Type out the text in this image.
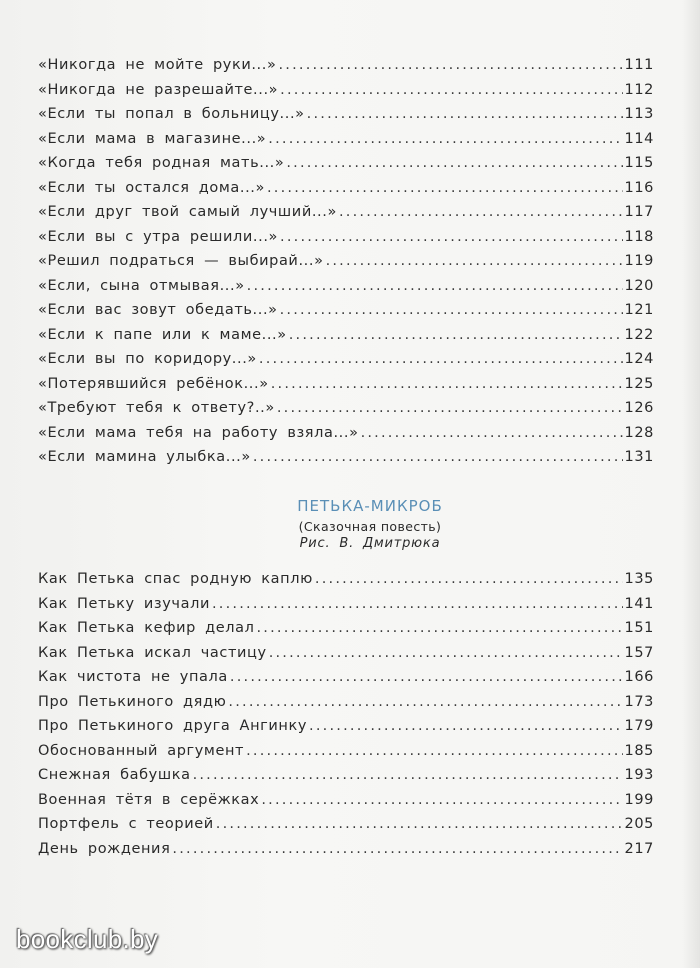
«Никогда не мойте руки...» .....	111
«Никогда не разрешайте...» .....	112
«Если ты попал в больницу...» .....	113
«Если мама в магазине...» .....	114
«Когда тебя родная мать...» .....	115
«Если ты остался дома...» .....	116
«Если друг твой самый лучший...» .....	117
«Если вы с утра решили...» .....	118
«Решил подраться — выбирай...» .....	119
«Если, сына отмывая...» .....	120
«Если вас зовут обедать...» .....	121
«Если к папе или к маме...» .....	122
«Если вы по коридору...» .....	124
«Потерявшийся ребёнок...» .....	125
«Требуют тебя к ответу?..» .....	126
«Если мама тебя на работу взяла...» .....	128
«Если мамина улыбка...» .....	131
ПЕТЬКА-МИКРОБ
(Сказочная повесть)
Рис. В. Дмитрюка
Как Петька спас родную каплю .....	135
Как Петьку изучали .....	141
Как Петька кефир делал .....	151
Как Петька искал частицу .....	157
Как чистота не упала .....	166
Про Петькиного дядю .....	173
Про Петькиного друга Ангинку .....	179
Обоснованный аргумент .....	185
Снежная бабушка .....	193
Военная тётя в серёжках .....	199
Портфель с теорией .....	205
День рождения .....	217
bookclub.by
